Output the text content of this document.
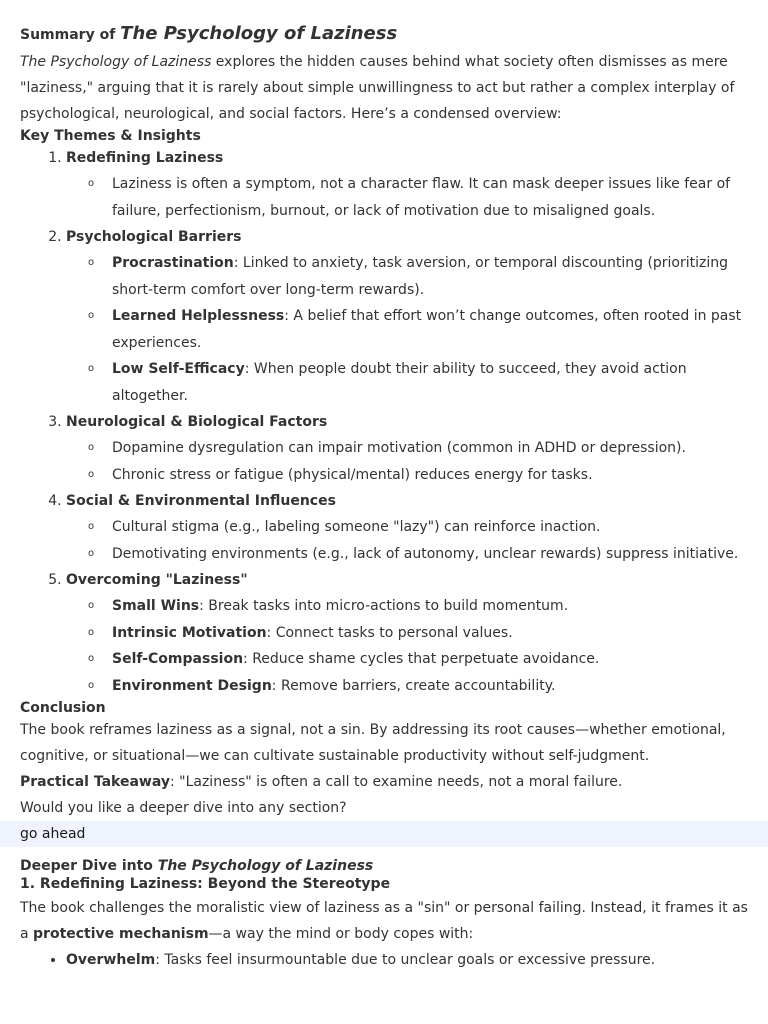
Summary of The Psychology of Laziness

The Psychology of Laziness explores the hidden causes behind what society often dismisses as mere "laziness," arguing that it is rarely about simple unwillingness to act but rather a complex interplay of psychological, neurological, and social factors. Here’s a condensed overview:

Key Themes & Insights
1. Redefining Laziness
o Laziness is often a symptom, not a character flaw. It can mask deeper issues like fear of failure, perfectionism, burnout, or lack of motivation due to misaligned goals.
2. Psychological Barriers
o Procrastination: Linked to anxiety, task aversion, or temporal discounting (prioritizing short-term comfort over long-term rewards).
o Learned Helplessness: A belief that effort won’t change outcomes, often rooted in past experiences.
o Low Self-Efficacy: When people doubt their ability to succeed, they avoid action altogether.
3. Neurological & Biological Factors
o Dopamine dysregulation can impair motivation (common in ADHD or depression).
o Chronic stress or fatigue (physical/mental) reduces energy for tasks.
4. Social & Environmental Influences
o Cultural stigma (e.g., labeling someone "lazy") can reinforce inaction.
o Demotivating environments (e.g., lack of autonomy, unclear rewards) suppress initiative.
5. Overcoming "Laziness"
o Small Wins: Break tasks into micro-actions to build momentum.
o Intrinsic Motivation: Connect tasks to personal values.
o Self-Compassion: Reduce shame cycles that perpetuate avoidance.
o Environment Design: Remove barriers, create accountability.
Conclusion

The book reframes laziness as a signal, not a sin. By addressing its root causes—whether emotional, cognitive, or situational—we can cultivate sustainable productivity without self-judgment.

Practical Takeaway: "Laziness" is often a call to examine needs, not a moral failure.

Would you like a deeper dive into any section?

go ahead

Deeper Dive into The Psychology of Laziness
1. Redefining Laziness: Beyond the Stereotype

The book challenges the moralistic view of laziness as a "sin" or personal failing. Instead, it frames it as a protective mechanism—a way the mind or body copes with:

• Overwhelm: Tasks feel insurmountable due to unclear goals or excessive pressure.
